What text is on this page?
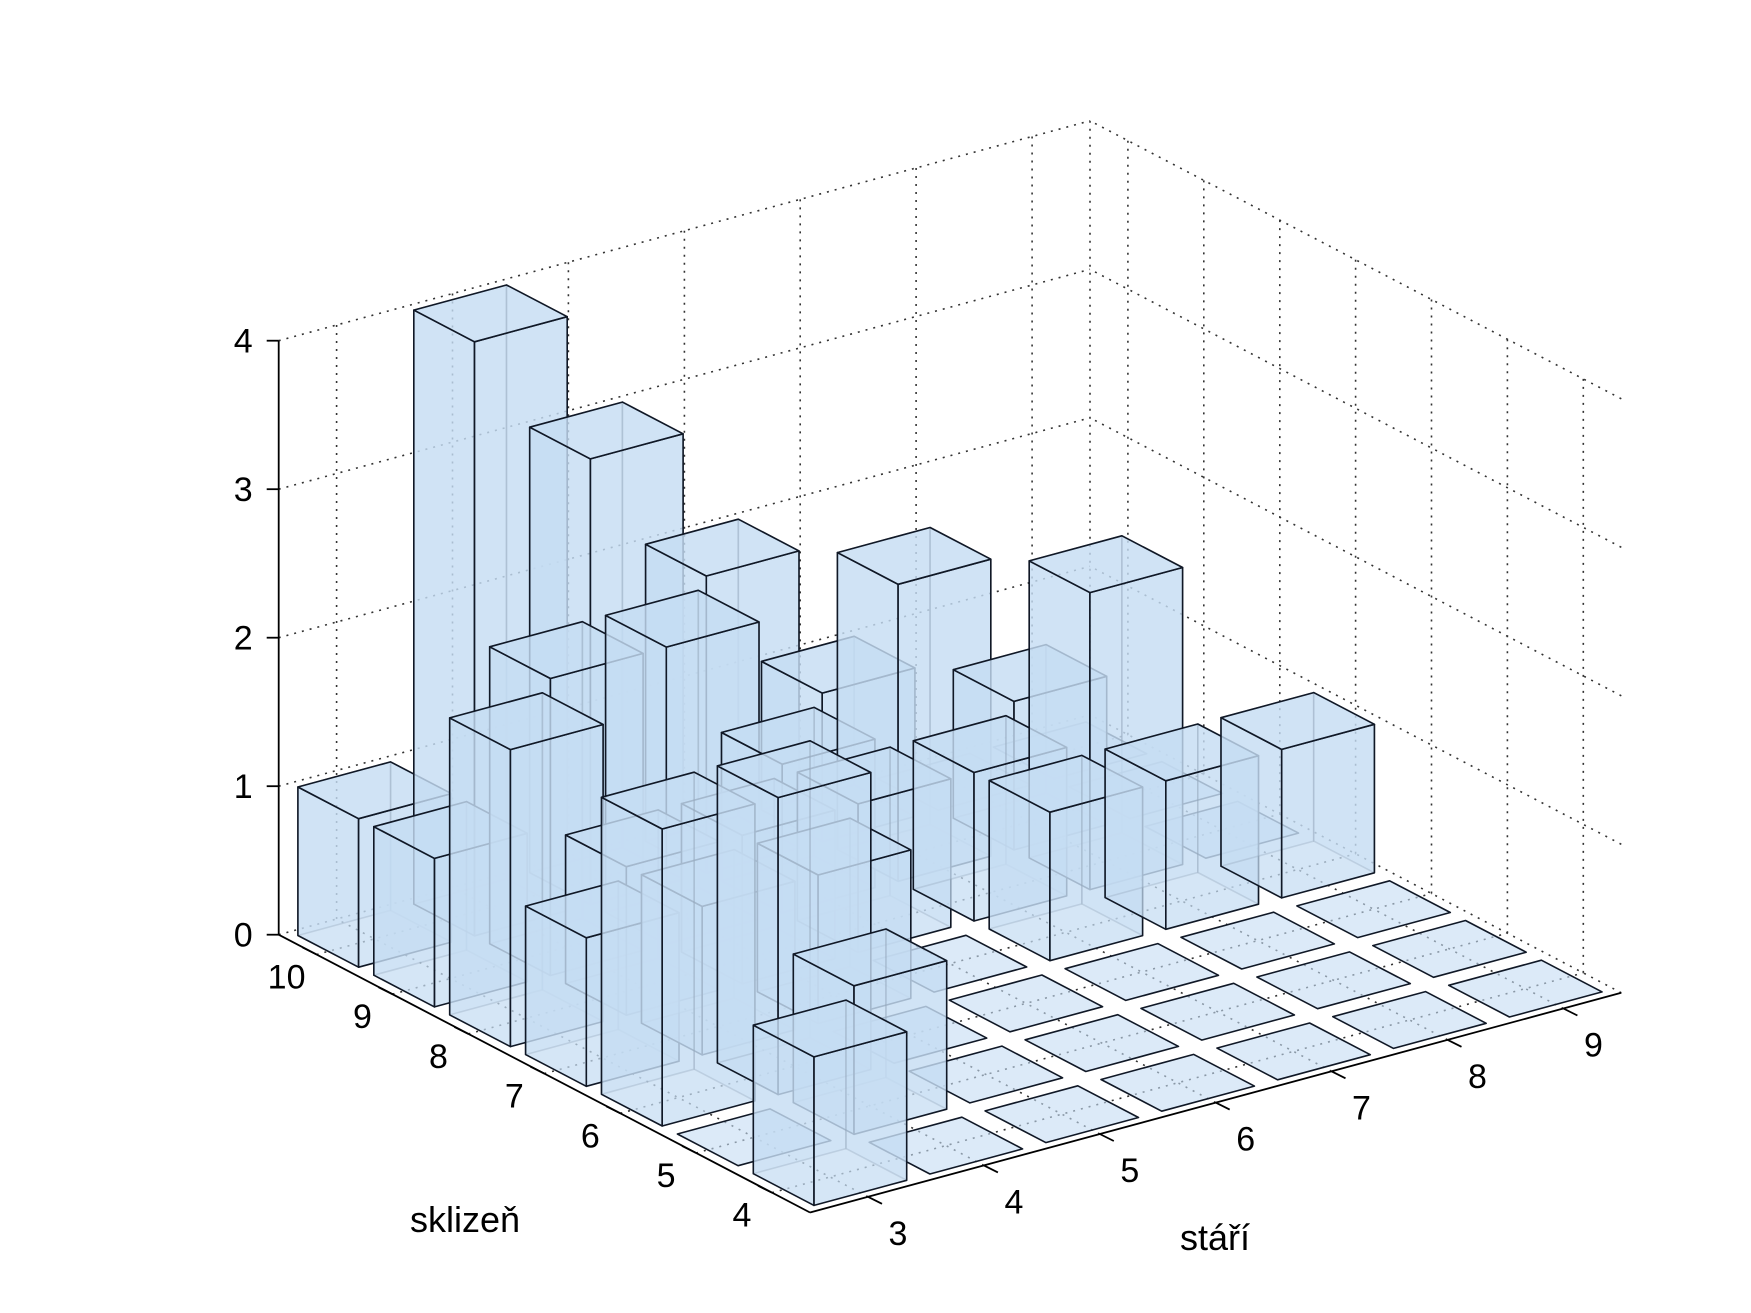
stáří
sklizeň
0
1
2
3
4
3
4
5
6
7
8
9
4
5
6
7
8
9
10
